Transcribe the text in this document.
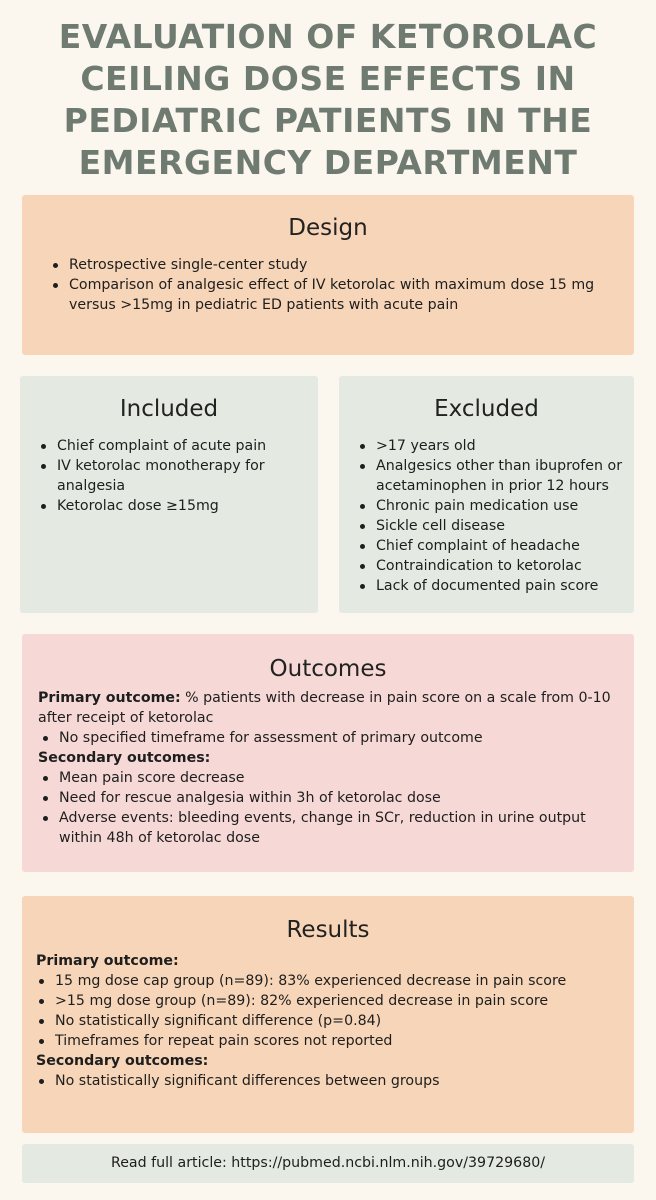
EVALUATION OF KETOROLAC CEILING DOSE EFFECTS IN PEDIATRIC PATIENTS IN THE EMERGENCY DEPARTMENT
Design
Retrospective single-center study
Comparison of analgesic effect of IV ketorolac with maximum dose 15 mg versus >15mg in pediatric ED patients with acute pain
Included
Chief complaint of acute pain
IV ketorolac monotherapy for analgesia
Ketorolac dose ≥15mg
Excluded
>17 years old
Analgesics other than ibuprofen or acetaminophen in prior 12 hours
Chronic pain medication use
Sickle cell disease
Chief complaint of headache
Contraindication to ketorolac
Lack of documented pain score
Outcomes

Primary outcome: % patients with decrease in pain score on a scale from 0-10 after receipt of ketorolac

No specified timeframe for assessment of primary outcome

Secondary outcomes:

Mean pain score decrease
Need for rescue analgesia within 3h of ketorolac dose
Adverse events: bleeding events, change in SCr, reduction in urine output within 48h of ketorolac dose
Results

Primary outcome:

15 mg dose cap group (n=89): 83% experienced decrease in pain score
>15 mg dose group (n=89): 82% experienced decrease in pain score
No statistically significant difference (p=0.84)
Timeframes for repeat pain scores not reported

Secondary outcomes:

No statistically significant differences between groups
Read full article: https://pubmed.ncbi.nlm.nih.gov/39729680/
